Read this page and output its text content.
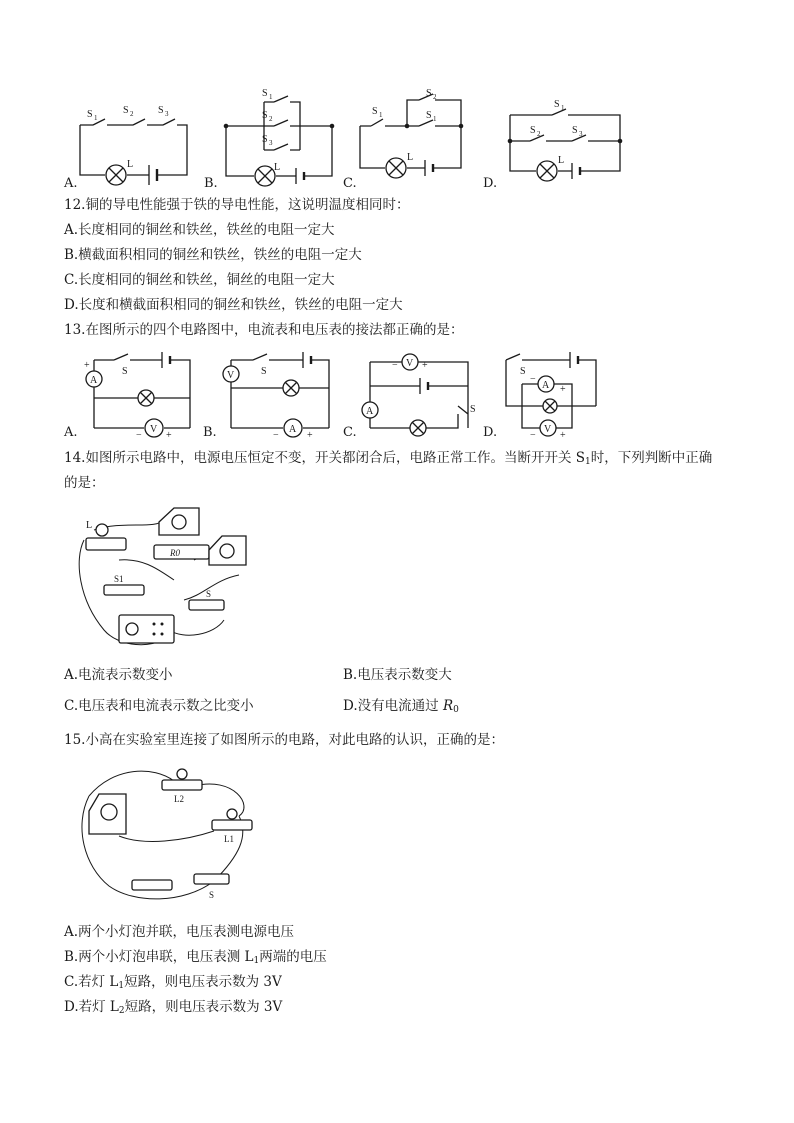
S 1
S 2 S 3
L
A.
S 1
S 2
S 3
L
B.
S 1
S 2
S 1
L
C.
S 1
S 2	S 3
L
D.
12.铜的导电性能强于铁的导电性能，这说明温度相同时：
A.长度相同的铜丝和铁丝，铁丝的电阻一定大
B.横截面积相同的铜丝和铁丝，铁丝的电阻一定大
C.长度相同的铜丝和铁丝，铜丝的电阻一定大
D.长度和横截面积相同的铜丝和铁丝，铁丝的电阻一定大
13.在图所示的四个电路图中，电流表和电压表的接法都正确的是：
A
V
+
S
− +
A.
V
A
S
−	+
B.
V
A
− +
S
C.
A
V
S
−
+
− +
D.
14.如图所示电路中，电源电压恒定不变，开关都闭合后，电路正常工作。当断开开关 $S_1$时，下列判断中正确
的是：
L
R0
S1
S
A.电流表示数变小	B.电压表示数变大
C.电压表和电流表示数之比变小	D.没有电流通过 $R_0$
15.小高在实验室里连接了如图所示的电路，对此电路的认识，正确的是：
L2
L1
S
A.两个小灯泡并联，电压表测电源电压
B.两个小灯泡串联，电压表测 $L_1$两端的电压
C.若灯 $L_1$短路，则电压表示数为 3V
D.若灯 $L_2$短路，则电压表示数为 3V
